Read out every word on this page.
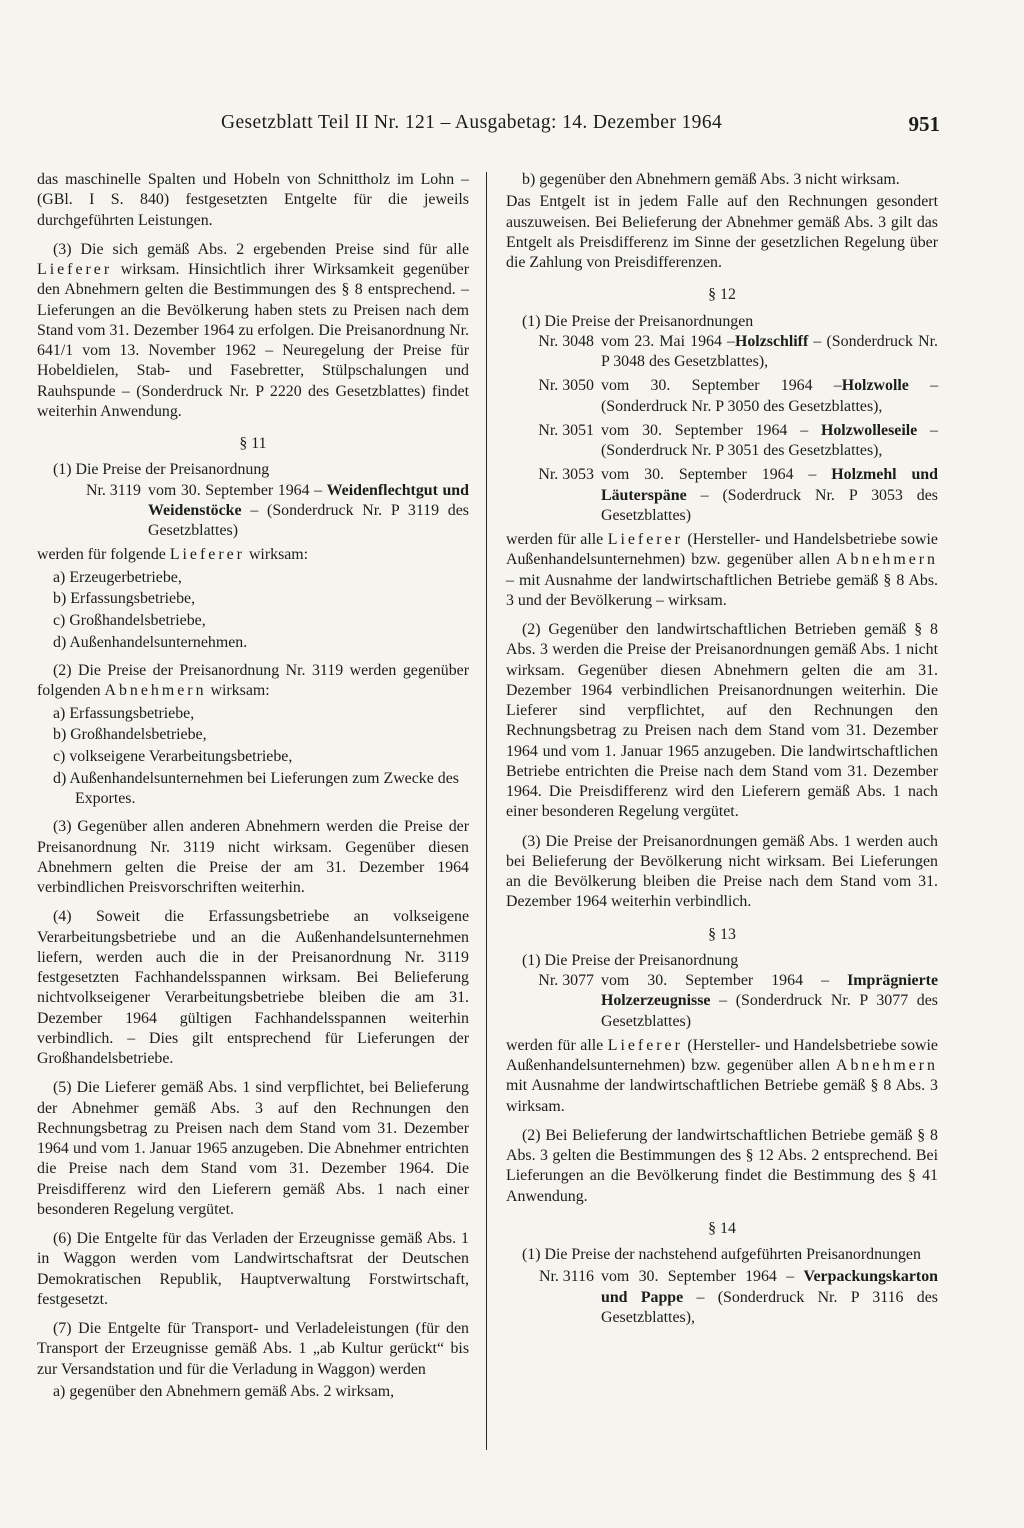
Gesetzblatt Teil II Nr. 121 – Ausgabetag: 14. Dezember 1964	951

das maschinelle Spalten und Hobeln von Schnittholz im Lohn – (GBl. I S. 840) festgesetzten Entgelte für die jeweils durchgeführten Leistungen.

(3) Die sich gemäß Abs. 2 ergebenden Preise sind für alle Lieferer wirksam. Hinsichtlich ihrer Wirksamkeit gegenüber den Abnehmern gelten die Bestimmungen des § 8 entsprechend. – Lieferungen an die Bevölkerung haben stets zu Preisen nach dem Stand vom 31. Dezember 1964 zu erfolgen. Die Preisanordnung Nr. 641/1 vom 13. November 1962 – Neuregelung der Preise für Hobeldielen, Stab- und Fasebretter, Stülpschalungen und Rauhspunde – (Sonderdruck Nr. P 2220 des Gesetzblattes) findet weiterhin Anwendung.

§ 11

(1) Die Preise der Preisanordnung

Nr. 3119 vom 30. September 1964 – Weidenflechtgut und Weidenstöcke – (Sonderdruck Nr. P 3119 des Gesetzblattes)

werden für folgende Lieferer wirksam:

a) Erzeugerbetriebe,
b) Erfassungsbetriebe,
c) Großhandelsbetriebe,
d) Außenhandelsunternehmen.

(2) Die Preise der Preisanordnung Nr. 3119 werden gegenüber folgenden Abnehmern wirksam:

a) Erfassungsbetriebe,
b) Großhandelsbetriebe,
c) volkseigene Verarbeitungsbetriebe,
d) Außenhandelsunternehmen bei Lieferungen zum Zwecke des Exportes.

(3) Gegenüber allen anderen Abnehmern werden die Preise der Preisanordnung Nr. 3119 nicht wirksam. Gegenüber diesen Abnehmern gelten die Preise der am 31. Dezember 1964 verbindlichen Preisvorschriften weiterhin.

(4) Soweit die Erfassungsbetriebe an volkseigene Verarbeitungsbetriebe und an die Außenhandelsunternehmen liefern, werden auch die in der Preisanordnung Nr. 3119 festgesetzten Fachhandelsspannen wirksam. Bei Belieferung nichtvolkseigener Verarbeitungsbetriebe bleiben die am 31. Dezember 1964 gültigen Fachhandelsspannen weiterhin verbindlich. – Dies gilt entsprechend für Lieferungen der Großhandelsbetriebe.

(5) Die Lieferer gemäß Abs. 1 sind verpflichtet, bei Belieferung der Abnehmer gemäß Abs. 3 auf den Rechnungen den Rechnungsbetrag zu Preisen nach dem Stand vom 31. Dezember 1964 und vom 1. Januar 1965 anzugeben. Die Abnehmer entrichten die Preise nach dem Stand vom 31. Dezember 1964. Die Preisdifferenz wird den Lieferern gemäß Abs. 1 nach einer besonderen Regelung vergütet.

(6) Die Entgelte für das Verladen der Erzeugnisse gemäß Abs. 1 in Waggon werden vom Landwirtschaftsrat der Deutschen Demokratischen Republik, Hauptverwaltung Forstwirtschaft, festgesetzt.

(7) Die Entgelte für Transport- und Verladeleistungen (für den Transport der Erzeugnisse gemäß Abs. 1 „ab Kultur gerückt“ bis zur Versandstation und für die Verladung in Waggon) werden

a) gegenüber den Abnehmern gemäß Abs. 2 wirksam,
b) gegenüber den Abnehmern gemäß Abs. 3 nicht wirksam.

Das Entgelt ist in jedem Falle auf den Rechnungen gesondert auszuweisen. Bei Belieferung der Abnehmer gemäß Abs. 3 gilt das Entgelt als Preisdifferenz im Sinne der gesetzlichen Regelung über die Zahlung von Preisdifferenzen.

§ 12

(1) Die Preise der Preisanordnungen

Nr. 3048 vom 23. Mai 1964 –Holzschliff – (Sonderdruck Nr. P 3048 des Gesetzblattes),
Nr. 3050 vom 30. September 1964 –Holzwolle – (Sonderdruck Nr. P 3050 des Gesetzblattes),
Nr. 3051 vom 30. September 1964 – Holzwolleseile – (Sonderdruck Nr. P 3051 des Gesetzblattes),
Nr. 3053 vom 30. September 1964 – Holzmehl und Läuterspäne – (Soderdruck Nr. P 3053 des Gesetzblattes)

werden für alle Lieferer (Hersteller- und Handelsbetriebe sowie Außenhandelsunternehmen) bzw. gegenüber allen Abnehmern – mit Ausnahme der landwirtschaftlichen Betriebe gemäß § 8 Abs. 3 und der Bevölkerung – wirksam.

(2) Gegenüber den landwirtschaftlichen Betrieben gemäß § 8 Abs. 3 werden die Preise der Preisanordnungen gemäß Abs. 1 nicht wirksam. Gegenüber diesen Abnehmern gelten die am 31. Dezember 1964 verbindlichen Preisanordnungen weiterhin. Die Lieferer sind verpflichtet, auf den Rechnungen den Rechnungsbetrag zu Preisen nach dem Stand vom 31. Dezember 1964 und vom 1. Januar 1965 anzugeben. Die landwirtschaftlichen Betriebe entrichten die Preise nach dem Stand vom 31. Dezember 1964. Die Preisdifferenz wird den Lieferern gemäß Abs. 1 nach einer besonderen Regelung vergütet.

(3) Die Preise der Preisanordnungen gemäß Abs. 1 werden auch bei Belieferung der Bevölkerung nicht wirksam. Bei Lieferungen an die Bevölkerung bleiben die Preise nach dem Stand vom 31. Dezember 1964 weiterhin verbindlich.

§ 13

(1) Die Preise der Preisanordnung

Nr. 3077 vom 30. September 1964 – Imprägnierte Holzerzeugnisse – (Sonderdruck Nr. P 3077 des Gesetzblattes)

werden für alle Lieferer (Hersteller- und Handelsbetriebe sowie Außenhandelsunternehmen) bzw. gegenüber allen Abnehmern mit Ausnahme der landwirtschaftlichen Betriebe gemäß § 8 Abs. 3 wirksam.

(2) Bei Belieferung der landwirtschaftlichen Betriebe gemäß § 8 Abs. 3 gelten die Bestimmungen des § 12 Abs. 2 entsprechend. Bei Lieferungen an die Bevölkerung findet die Bestimmung des § 41 Anwendung.

§ 14

(1) Die Preise der nachstehend aufgeführten Preisanordnungen

Nr. 3116 vom 30. September 1964 – Verpackungskarton und Pappe – (Sonderdruck Nr. P 3116 des Gesetzblattes),
